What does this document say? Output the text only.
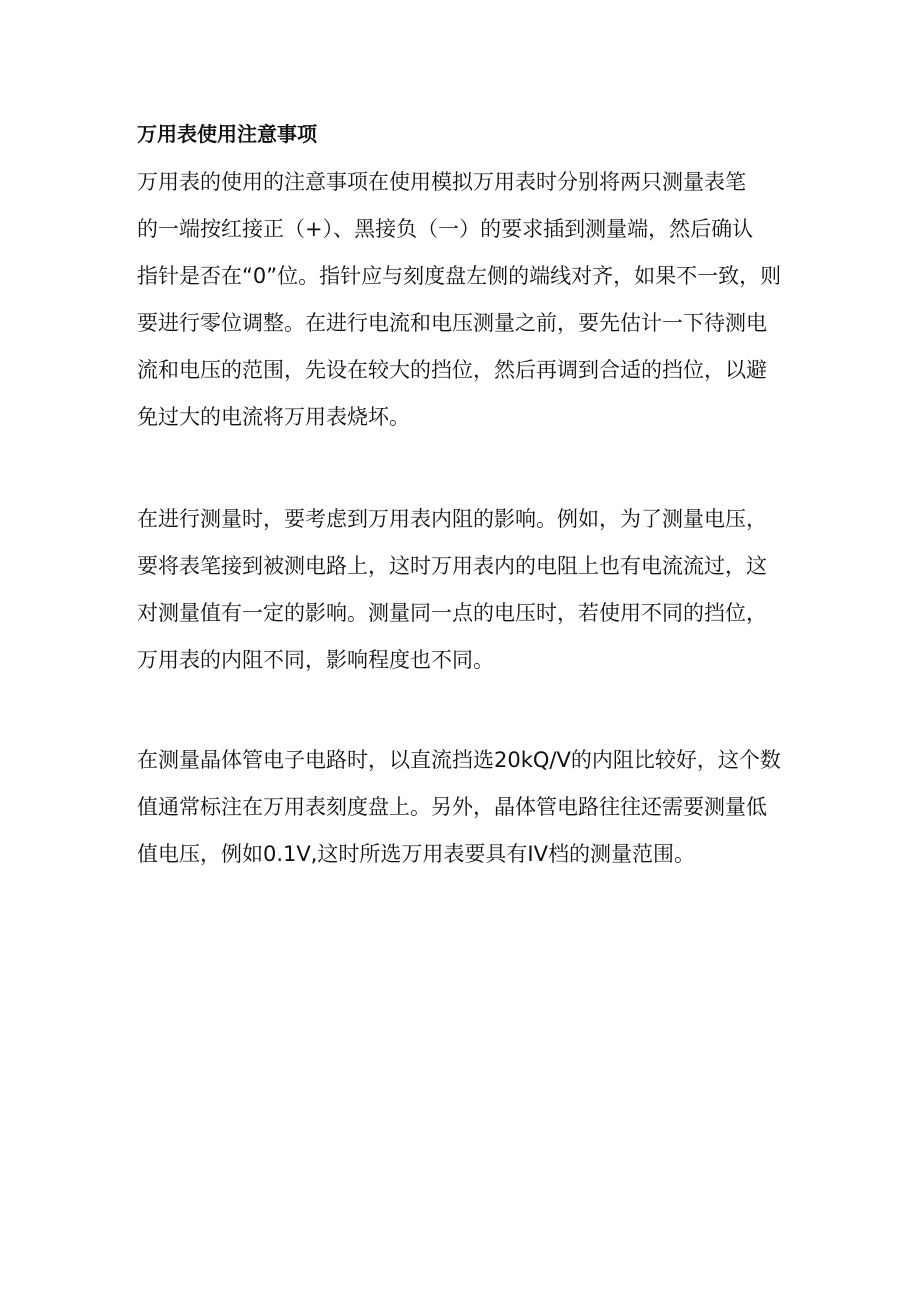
万用表使用注意事项
万用表的使用的注意事项在使用模拟万用表时分别将两只测量表笔
的一端按红接正（+）、黑接负（一）的要求插到测量端，然后确认
指针是否在“0”位。指针应与刻度盘左侧的端线对齐，如果不一致，则
要进行零位调整。在进行电流和电压测量之前，要先估计一下待测电
流和电压的范围，先设在较大的挡位，然后再调到合适的挡位，以避
免过大的电流将万用表烧坏。
在进行测量时，要考虑到万用表内阻的影响。例如，为了测量电压，
要将表笔接到被测电路上，这时万用表内的电阻上也有电流流过，这
对测量值有一定的影响。测量同一点的电压时，若使用不同的挡位，
万用表的内阻不同，影响程度也不同。
在测量晶体管电子电路时，以直流挡选20kQ/V的内阻比较好，这个数
值通常标注在万用表刻度盘上。另外，晶体管电路往往还需要测量低
值电压，例如0.1V,这时所选万用表要具有IV档的测量范围。
